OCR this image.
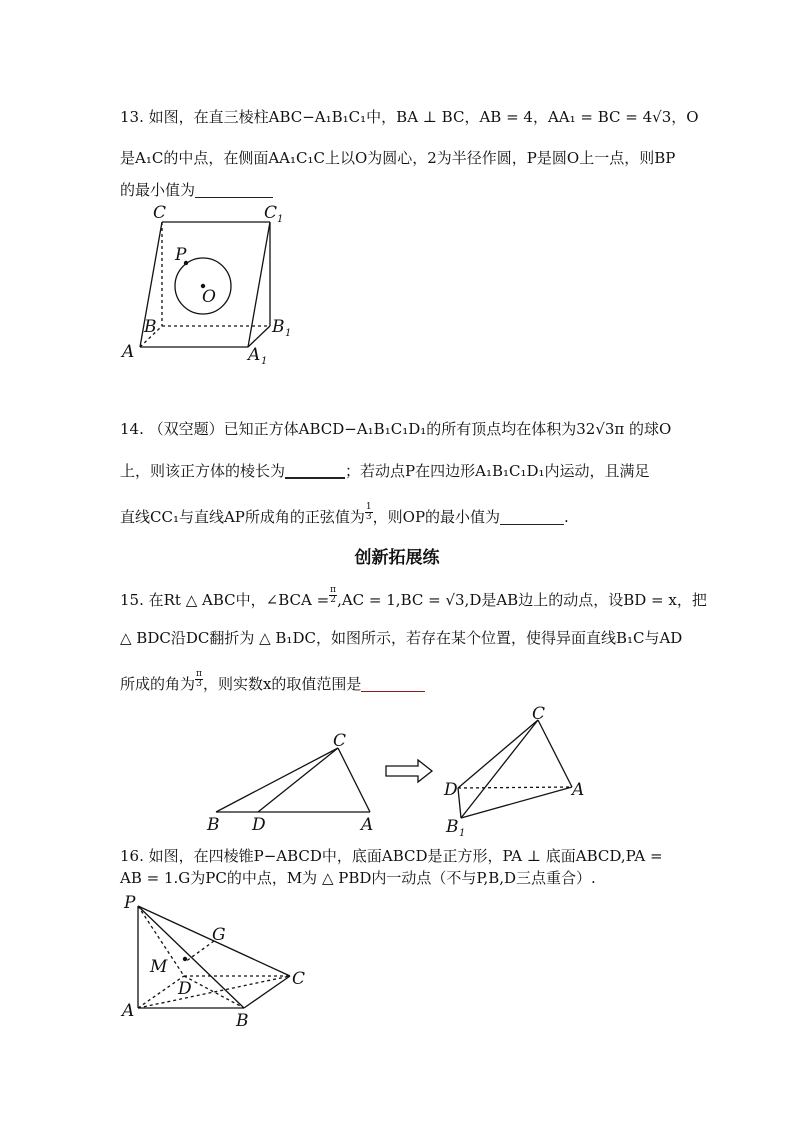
13. 如图，在直三棱柱ABC−A₁B₁C₁中，BA ⊥ BC，AB = 4，AA₁ = BC = 4√3，O
是A₁C的中点，在侧面AA₁C₁C上以O为圆心，2为半径作圆，P是圆O上一点，则BP
的最小值为
C	C 1
P
O
B	B 1
A	A 1
14. （双空题）已知正方体ABCD−A₁B₁C₁D₁的所有顶点均在体积为32√3π 的球O
上，则该正方体的棱长为	；若动点P在四边形A₁B₁C₁D₁内运动，且满足
直线CC₁与直线AP所成角的正弦值为 $\frac{1}{3}$ ，则OP的最小值为	.
创新拓展练
15. 在Rt △ ABC中，∠BCA = $\frac{\pi}{2} ,AC = 1,BC = √3,D$是AB边上的动点，设BD = x，把
△ BDC沿DC翻折为 △ B₁DC，如图所示，若存在某个位置，使得异面直线B₁C与AD
所成的角为 $\frac{\pi}{3}$ ，则实数x的取值范围是
C
B D	A
C
D	A
B 1
16. 如图，在四棱锥P−ABCD中，底面ABCD是正方形，PA ⊥ 底面ABCD,PA =
AB = 1.G为PC的中点，M为 △ PBD内一动点（不与P,B,D三点重合）.
P
G
M
D	C
A	B
